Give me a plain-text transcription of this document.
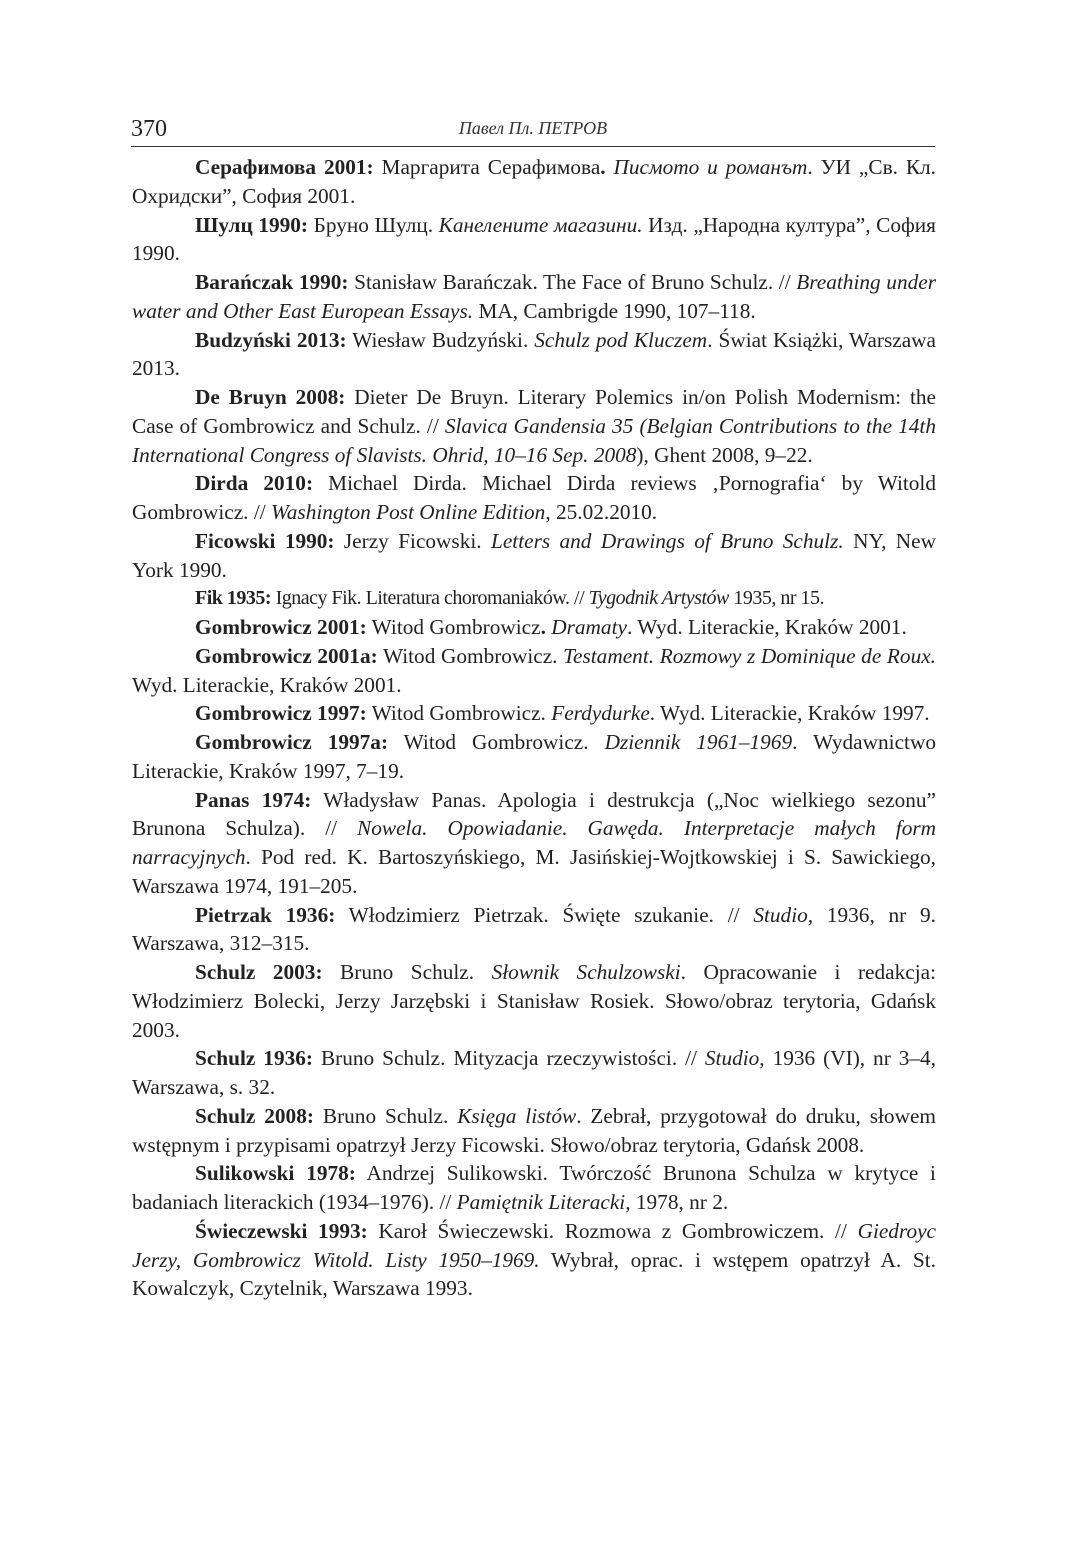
370	Павел Пл. ПЕТРОВ

Серафимова 2001: Маргарита Серафимова. Писмото и романът. УИ „Св. Кл. Охридски”, София 2001.

Шулц 1990: Бруно Шулц. Канелените магазини. Изд. „Народна култура”, София 1990.

Barańczak 1990: Stanisław Barańczak. The Face of Bruno Schulz. // Breathing under water and Other East European Essays. MA, Cambrigde 1990, 107–118.

Budzyński 2013: Wiesław Budzyński. Schulz pod Kluczem. Świat Książki, Warszawa 2013.

De Bruyn 2008: Dieter De Bruyn. Literary Polemics in/on Polish Modernism: the Case of Gombrowicz and Schulz. // Slavica Gandensia 35 (Belgian Contributions to the 14th International Congress of Slavists. Ohrid, 10–16 Sep. 2008), Ghent 2008, 9–22.

Dirda 2010: Michael Dirda. Michael Dirda reviews ‚Pornografia‘ by Witold Gombrowicz. // Washington Post Online Edition, 25.02.2010.

Ficowski 1990: Jerzy Ficowski. Letters and Drawings of Bruno Schulz. NY, New York 1990.

Fik 1935: Ignacy Fik. Literatura choromaniaków. // Tygodnik Artystów 1935, nr 15.

Gombrowicz 2001: Witod Gombrowicz. Dramaty. Wyd. Literackie, Kraków 2001.

Gombrowicz 2001a: Witod Gombrowicz. Testament. Rozmowy z Dominique de Roux. Wyd. Literackie, Kraków 2001.

Gombrowicz 1997: Witod Gombrowicz. Ferdydurke. Wyd. Literackie, Kraków 1997.

Gombrowicz 1997a: Witod Gombrowicz. Dziennik 1961–1969. Wydawnictwo Literackie, Kraków 1997, 7–19.

Panas 1974: Władysław Panas. Apologia i destrukcja („Noc wielkiego sezonu” Brunona Schulza). // Nowela. Opowiadanie. Gawęda. Interpretacje małych form narracyjnych. Pod red. K. Bartoszyńskiego, M. Jasińskiej-Wojtkowskiej i S. Sawickiego, Warszawa 1974, 191–205.

Pietrzak 1936: Włodzimierz Pietrzak. Święte szukanie. // Studio, 1936, nr 9. Warszawa, 312–315.

Schulz 2003: Bruno Schulz. Słownik Schulzowski. Opracowanie i redakcja: Włodzimierz Bolecki, Jerzy Jarzębski i Stanisław Rosiek. Słowo/obraz terytoria, Gdańsk 2003.

Schulz 1936: Bruno Schulz. Mityzacja rzeczywistości. // Studio, 1936 (VI), nr 3–4, Warszawa, s. 32.

Schulz 2008: Bruno Schulz. Księga listów. Zebrał, przygotował do druku, słowem wstępnym i przypisami opatrzył Jerzy Ficowski. Słowo/obraz terytoria, Gdańsk 2008.

Sulikowski 1978: Andrzej Sulikowski. Twórczość Brunona Schulza w krytyce i badaniach literackich (1934–1976). // Pamiętnik Literacki, 1978, nr 2.

Świeczewski 1993: Karoł Świeczewski. Rozmowa z Gombrowiczem. // Giedroyc Jerzy, Gombrowicz Witold. Listy 1950–1969. Wybrał, oprac. i wstępem opatrzył A. St. Kowalczyk, Czytelnik, Warszawa 1993.
